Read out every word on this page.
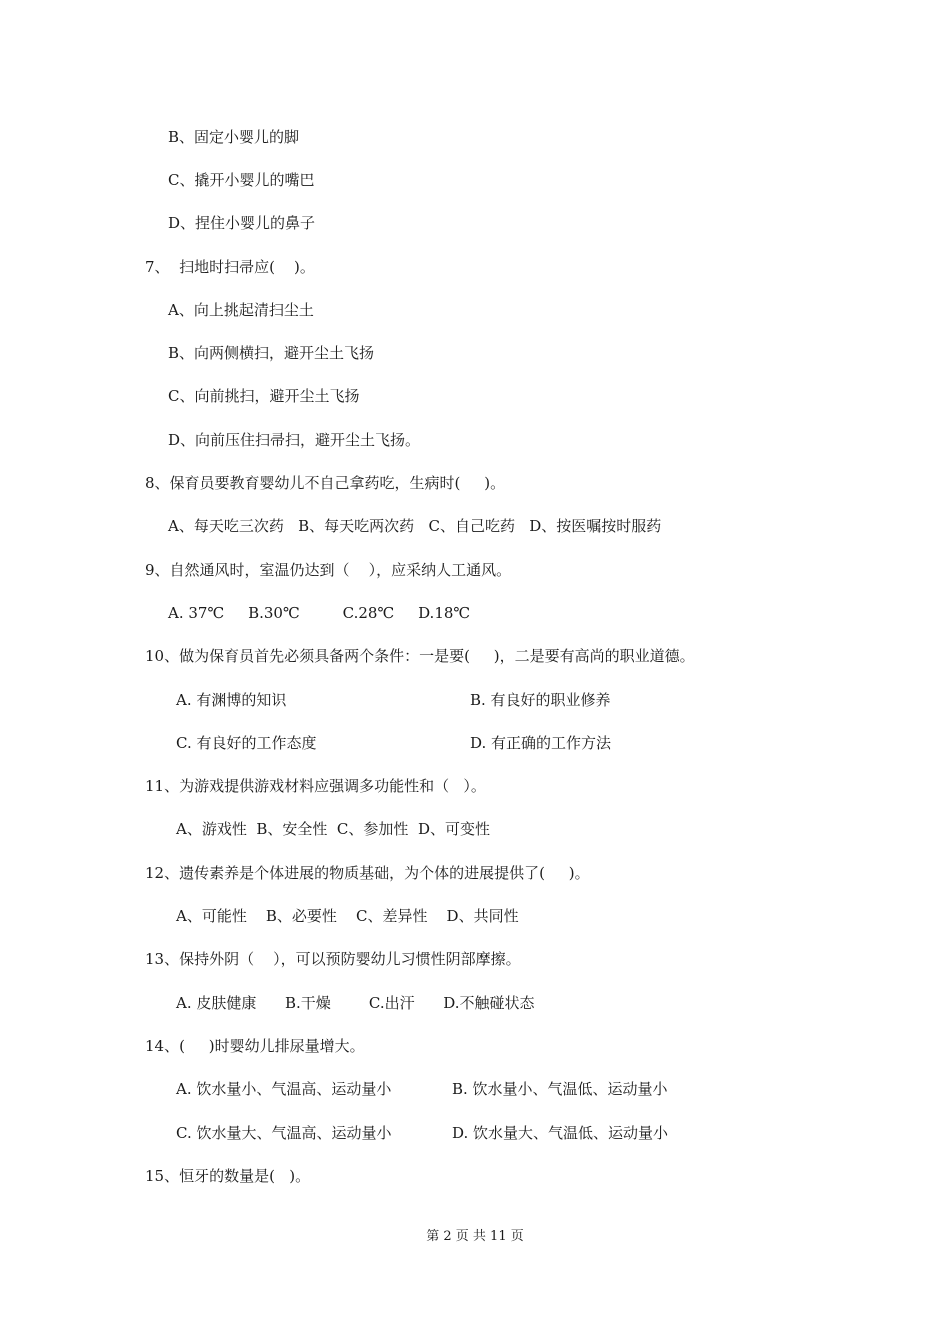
B、固定小婴儿的脚
C、撬开小婴儿的嘴巴
D、捏住小婴儿的鼻子
7、  扫地时扫帚应(    )。
A、向上挑起清扫尘土
B、向两侧横扫，避开尘土飞扬
C、向前挑扫，避开尘土飞扬
D、向前压住扫帚扫，避开尘土飞扬。
8、保育员要教育婴幼儿不自己拿药吃，生病时(     )。
A、每天吃三次药   B、每天吃两次药   C、自己吃药   D、按医嘱按时服药
9、自然通风时，室温仍达到（    ），应采纳人工通风。
A. 37℃     B.30℃         C.28℃     D.18℃
10、做为保育员首先必须具备两个条件：一是要(     )，二是要有高尚的职业道德。
A. 有渊博的知识	B. 有良好的职业修养
C. 有良好的工作态度	D. 有正确的工作方法
11、为游戏提供游戏材料应强调多功能性和（   ）。
A、游戏性  B、安全性  C、参加性  D、可变性
12、遗传素养是个体进展的物质基础，为个体的进展提供了(     )。
A、可能性    B、必要性    C、差异性    D、共同性
13、保持外阴（    ），可以预防婴幼儿习惯性阴部摩擦。
A. 皮肤健康      B.干燥        C.出汗      D.不触碰状态
14、(     )时婴幼儿排尿量增大。
A. 饮水量小、气温高、运动量小	B. 饮水量小、气温低、运动量小
C. 饮水量大、气温高、运动量小	D. 饮水量大、气温低、运动量小
15、恒牙的数量是(   )。
第 2 页 共 11 页
